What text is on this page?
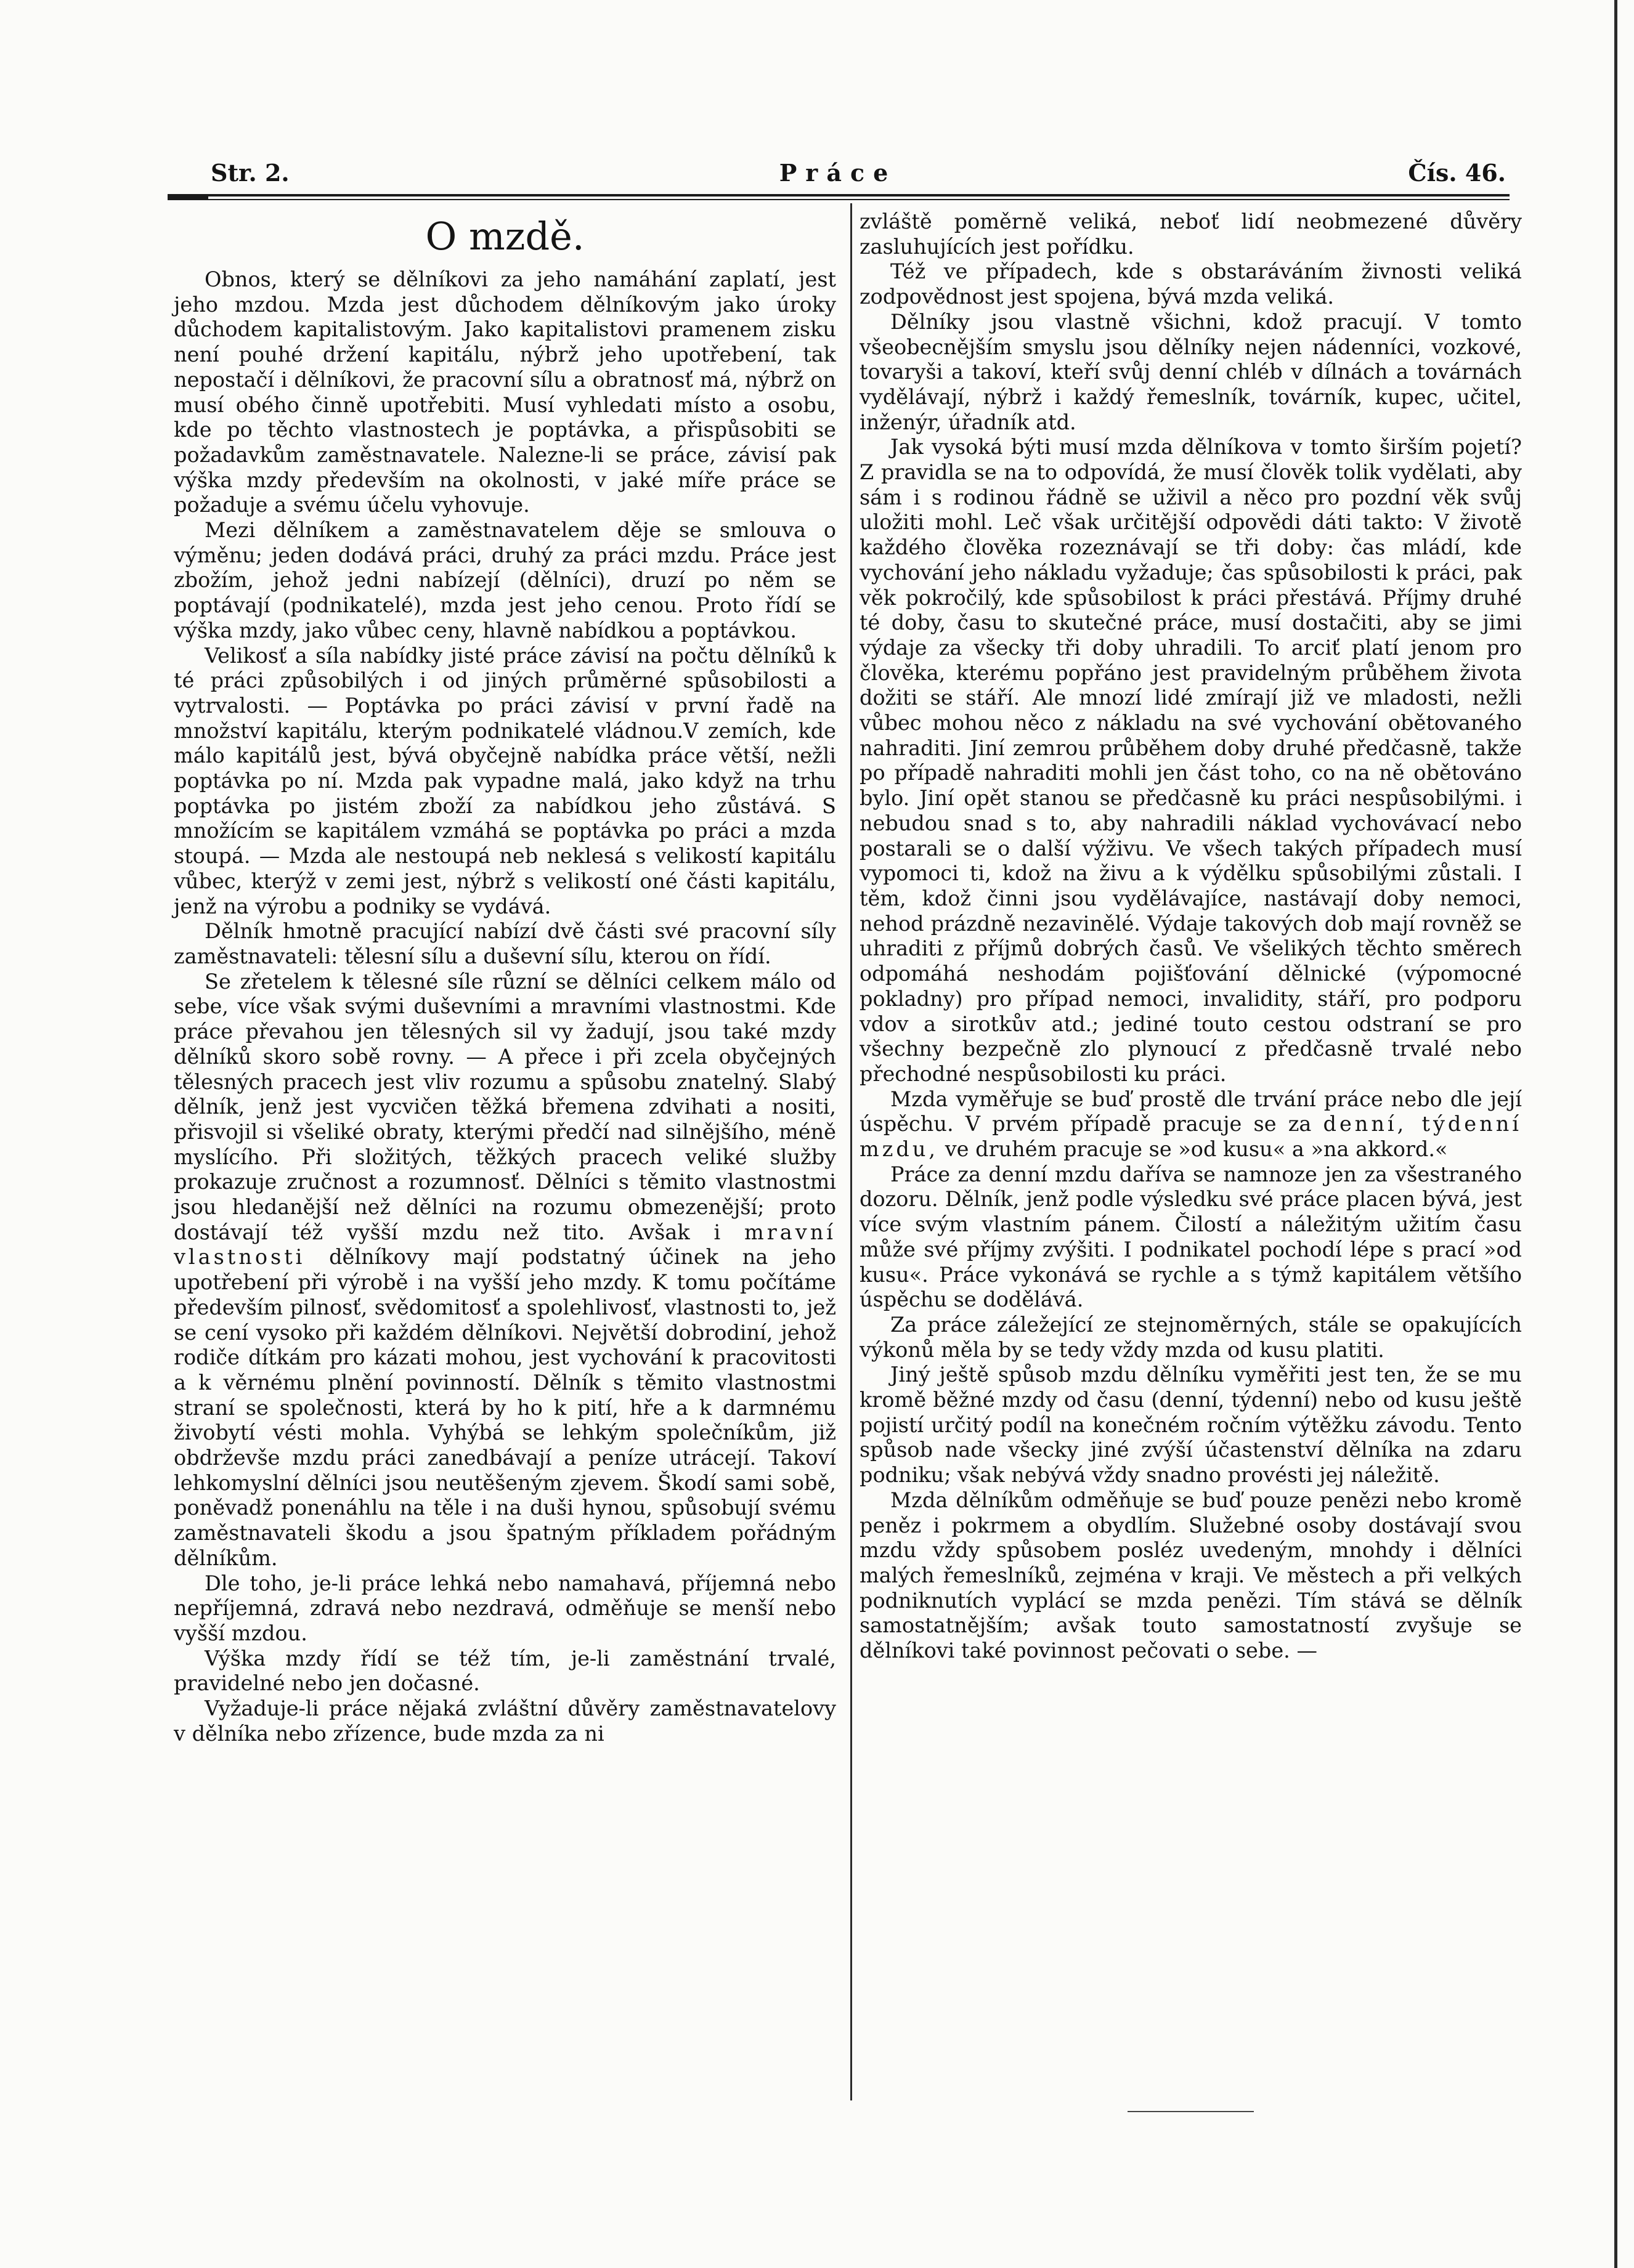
Str. 2.	Práce	Čís. 46.
O mzdě.

Obnos, který se dělníkovi za jeho namáhání zaplatí, jest jeho mzdou. Mzda jest důchodem dělníkovým jako úroky důchodem kapitalistovým. Jako kapitalistovi pramenem zisku není pouhé držení kapitálu, nýbrž jeho upotřebení, tak nepostačí i dělníkovi, že pracovní sílu a obratnosť má, nýbrž on musí obého činně upotřebiti. Musí vyhledati místo a osobu, kde po těchto vlastnostech je poptávka, a přispůsobiti se požadavkům zaměstnavatele. Nalezne-li se práce, závisí pak výška mzdy především na okolnosti, v jaké míře práce se požaduje a svému účelu vyhovuje.

Mezi dělníkem a zaměstnavatelem děje se smlouva o výměnu; jeden dodává práci, druhý za práci mzdu. Práce jest zbožím, jehož jedni nabízejí (dělníci), druzí po něm se poptávají (podnikatelé), mzda jest jeho cenou. Proto řídí se výška mzdy, jako vůbec ceny, hlavně nabídkou a poptávkou.

Velikosť a síla nabídky jisté práce závisí na počtu dělníků k té práci způsobilých i od jiných průměrné spůsobilosti a vytrvalosti. — Poptávka po práci závisí v první řadě na množství kapitálu, kterým podnikatelé vládnou.V zemích, kde málo kapitálů jest, bývá obyčejně nabídka práce větší, nežli poptávka po ní. Mzda pak vypadne malá, jako když na trhu poptávka po jistém zboží za nabídkou jeho zůstává. S množícím se kapitálem vzmáhá se poptávka po práci a mzda stoupá. — Mzda ale nestoupá neb neklesá s velikostí kapitálu vůbec, kterýž v zemi jest, nýbrž s velikostí oné části kapitálu, jenž na výrobu a podniky se vydává.

Dělník hmotně pracující nabízí dvě části své pracovní síly zaměstnavateli: tělesní sílu a duševní sílu, kterou on řídí.

Se zřetelem k tělesné síle různí se dělníci celkem málo od sebe, více však svými duševními a mravními vlastnostmi. Kde práce převahou jen tělesných sil vy žadují, jsou také mzdy dělníků skoro sobě rovny. — A přece i při zcela obyčejných tělesných pracech jest vliv rozumu a spůsobu znatelný. Slabý dělník, jenž jest vycvičen těžká břemena zdvihati a nositi, přisvojil si všeliké obraty, kterými předčí nad silnějšího, méně myslícího. Při složitých, těžkých pracech veliké služby prokazuje zručnost a rozumnosť. Dělníci s těmito vlastnostmi jsou hledanější než dělníci na rozumu obmezenější; proto dostávají též vyšší mzdu než tito. Avšak i mravní vlastnosti dělníkovy mají podstatný účinek na jeho upotřebení při výrobě i na vyšší jeho mzdy. K tomu počítáme především pilnosť, svědomitosť a spolehlivosť, vlastnosti to, jež se cení vysoko při každém dělníkovi. Největší dobrodiní, jehož rodiče dítkám pro kázati mohou, jest vychování k pracovitosti a k věrnému plnění povinností. Dělník s těmito vlastnostmi straní se společnosti, která by ho k pití, hře a k darmnému živobytí vésti mohla. Vyhýbá se lehkým společníkům, již obdrževše mzdu práci zanedbávají a peníze utrácejí. Takoví lehkomyslní dělníci jsou neutěšeným zjevem. Škodí sami sobě, poněvadž ponenáhlu na těle i na duši hynou, spůsobují svému zaměstnavateli škodu a jsou špatným příkladem pořádným dělníkům.

Dle toho, je-li práce lehká nebo namahavá, příjemná nebo nepříjemná, zdravá nebo nezdravá, odměňuje se menší nebo vyšší mzdou.

Výška mzdy řídí se též tím, je-li zaměstnání trvalé, pravidelné nebo jen dočasné.

Vyžaduje-li práce nějaká zvláštní důvěry zaměstnavatelovy v dělníka nebo zřízence, bude mzda za ni

zvláště poměrně veliká, neboť lidí neobmezené důvěry zasluhujících jest pořídku.

Též ve případech, kde s obstaráváním živnosti veliká zodpovědnost jest spojena, bývá mzda veliká.

Dělníky jsou vlastně všichni, kdož pracují. V tomto všeobecnějším smyslu jsou dělníky nejen nádenníci, vozkové, tovaryši a takoví, kteří svůj denní chléb v dílnách a továrnách vydělávají, nýbrž i každý řemeslník, továrník, kupec, učitel, inženýr, úřadník atd.

Jak vysoká býti musí mzda dělníkova v tomto širším pojetí? Z pravidla se na to odpovídá, že musí člověk tolik vydělati, aby sám i s rodinou řádně se uživil a něco pro pozdní věk svůj uložiti mohl. Leč však určitější odpovědi dáti takto: V životě každého člověka rozeznávají se tři doby: čas mládí, kde vychování jeho nákladu vyžaduje; čas spůsobilosti k práci, pak věk pokročilý, kde spůsobilost k práci přestává. Příjmy druhé té doby, času to skutečné práce, musí dostačiti, aby se jimi výdaje za všecky tři doby uhradili. To arciť platí jenom pro člověka, kterému popřáno jest pravidelným průběhem života dožiti se stáří. Ale mnozí lidé zmírají již ve mladosti, nežli vůbec mohou něco z nákladu na své vychování obětovaného nahraditi. Jiní zemrou průběhem doby druhé předčasně, takže po případě nahraditi mohli jen část toho, co na ně obětováno bylo. Jiní opět stanou se předčasně ku práci nespůsobilými. i nebudou snad s to, aby nahradili náklad vychovávací nebo postarali se o další výživu. Ve všech takých případech musí vypomoci ti, kdož na živu a k výdělku spůsobilými zůstali. I těm, kdož činni jsou vydělávajíce, nastávají doby nemoci, nehod prázdně nezavinělé. Výdaje takových dob mají rovněž se uhraditi z příjmů dobrých časů. Ve všelikých těchto směrech odpomáhá neshodám pojišťování dělnické (výpomocné pokladny) pro případ nemoci, invalidity, stáří, pro podporu vdov a sirotkův atd.; jediné touto cestou odstraní se pro všechny bezpečně zlo plynoucí z předčasně trvalé nebo přechodné nespůsobilosti ku práci.

Mzda vyměřuje se buď prostě dle trvání práce nebo dle její úspěchu. V prvém případě pracuje se za denní, týdenní mzdu, ve druhém pracuje se »od kusu« a »na akkord.«

Práce za denní mzdu daříva se namnoze jen za všestraného dozoru. Dělník, jenž podle výsledku své práce placen bývá, jest více svým vlastním pánem. Čilostí a náležitým užitím času může své příjmy zvýšiti. I podnikatel pochodí lépe s prací »od kusu«. Práce vykonává se rychle a s týmž kapitálem většího úspěchu se dodělává.

Za práce záležející ze stejnoměrných, stále se opakujících výkonů měla by se tedy vždy mzda od kusu platiti.

Jiný ještě spůsob mzdu dělníku vyměřiti jest ten, že se mu kromě běžné mzdy od času (denní, týdenní) nebo od kusu ještě pojistí určitý podíl na konečném ročním výtěžku závodu. Tento spůsob nade všecky jiné zvýší účastenství dělníka na zdaru podniku; však nebývá vždy snadno provésti jej náležitě.

Mzda dělníkům odměňuje se buď pouze penězi nebo kromě peněz i pokrmem a obydlím. Služebné osoby dostávají svou mzdu vždy spůsobem posléz uvedeným, mnohdy i dělníci malých řemeslníků, zejména v kraji. Ve městech a při velkých podniknutích vyplácí se mzda penězi. Tím stává se dělník samostatnějším; avšak touto samostatností zvyšuje se dělníkovi také povinnost pečovati o sebe. —
